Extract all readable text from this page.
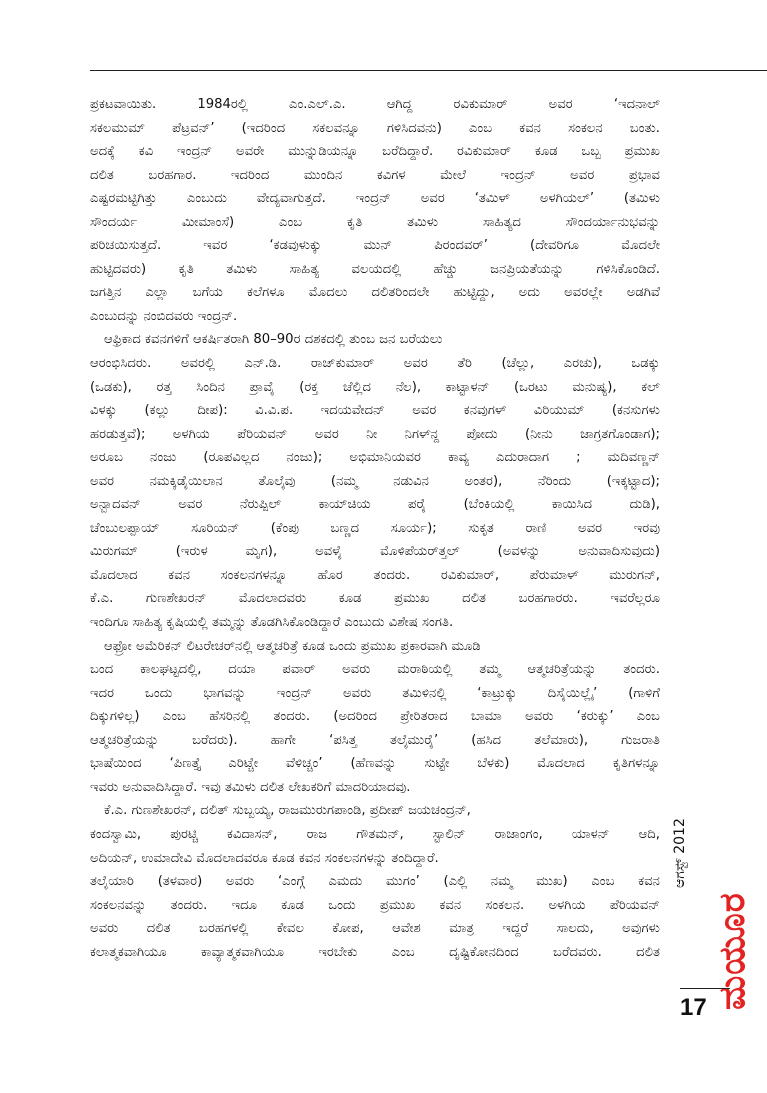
ಪ್ರಕಟವಾಯಿತು. 1984ರಲ್ಲಿ ಎಂ.ಎಲ್.ಎ. ಆಗಿದ್ದ ರವಿಕುಮಾರ್ ಅವರ ‘ಇದನಾಲ್
ಸಕಲಮುಮ್ ಪೆಟ್ರವನ್’ (ಇದರಿಂದ ಸಕಲವನ್ನೂ ಗಳಿಸಿದವನು) ಎಂಬ ಕವನ ಸಂಕಲನ ಬಂತು.
ಅದಕ್ಕೆ ಕವಿ ಇಂದ್ರನ್ ಅವರೇ ಮುನ್ನುಡಿಯನ್ನೂ ಬರೆದಿದ್ದಾರೆ. ರವಿಕುಮಾರ್ ಕೂಡ ಒಬ್ಬ ಪ್ರಮುಖ
ದಲಿತ ಬರಹಗಾರ. ಇದರಿಂದ ಮುಂದಿನ ಕವಿಗಳ ಮೇಲೆ ಇಂದ್ರನ್ ಅವರ ಪ್ರಭಾವ
ಎಷ್ಟರಮಟ್ಟಿಗಿತ್ತು ಎಂಬುದು ವೇದ್ಯವಾಗುತ್ತದೆ. ಇಂದ್ರನ್ ಅವರ ‘ತಮಿಳ್ ಅಳಗಿಯಲ್’ (ತಮಿಳು
ಸೌಂದರ್ಯ ಮೀಮಾಂಸೆ) ಎಂಬ ಕೃತಿ ತಮಿಳು ಸಾಹಿತ್ಯದ ಸೌಂದರ್ಯಾನುಭವನ್ನು
ಪರಿಚಯಿಸುತ್ತದೆ. ಇವರ ‘ಕಡವುಳುಕ್ಕು ಮುನ್ ಪಿರಂದವರ್’ (ದೇವರಿಗೂ ಮೊದಲೇ
ಹುಟ್ಟಿದವರು) ಕೃತಿ ತಮಿಳು ಸಾಹಿತ್ಯ ವಲಯದಲ್ಲಿ ಹೆಚ್ಚು ಜನಪ್ರಿಯತೆಯನ್ನು ಗಳಿಸಿಕೊಂಡಿದೆ.
ಜಗತ್ತಿನ ಎಲ್ಲಾ ಬಗೆಯ ಕಲೆಗಳೂ ಮೊದಲು ದಲಿತರಿಂದಲೇ ಹುಟ್ಟಿದ್ದು, ಅದು ಅವರಲ್ಲೇ ಅಡಗಿವೆ
ಎಂಬುದನ್ನು ನಂಬಿದವರು ಇಂದ್ರನ್.
ಆಫ್ರಿಕಾದ ಕವನಗಳಿಗೆ ಆಕರ್ಷಿತರಾಗಿ 80–90ರ ದಶಕದಲ್ಲಿ ತುಂಬ ಜನ ಬರೆಯಲು
ಆರಂಭಿಸಿದರು. ಅವರಲ್ಲಿ ಎನ್.ಡಿ. ರಾಜ್‌ಕುಮಾರ್ ಅವರ ತೆರಿ (ಚೆಲ್ಲು, ಎರಚು), ಒಡಕ್ಕು
(ಒಡಕು), ರತ್ತ ಸಿಂದಿನ ಪ್ರಾವೈ (ರಕ್ತ ಚೆಲ್ಲಿದ ನೆಲ), ಕಾಟ್ಟಾಳನ್ (ಒರಟು ಮನುಷ್ಯ), ಕಲ್
ವಿಳಕ್ಕು (ಕಲ್ಲು ದೀಪ): ವಿ.ವಿ.ಪ. ಇದಯವೇದನ್ ಅವರ ಕನವುಗಳ್ ವಿರಿಯುಮ್ (ಕನಸುಗಳು
ಹರಡುತ್ತವೆ); ಅಳಗಿಯ ಪೆರಿಯವನ್ ಅವರ ನೀ ನಿಗಳ್‌ನ್ದ ಪೋದು (ನೀನು ಜಾಗ್ರತಗೊಂಡಾಗ);
ಅರೂಬ ನಂಜು (ರೂಪವಿಲ್ಲದ ನಂಜು); ಅಭಿಮಾನಿಯವರ ಕಾವ್ಯ ಎದುರಾದಾಗ ; ಮದಿವಣ್ಣನ್
ಅವರ ನಮಕ್ಕಿಡೈಯಿಲಾನ ತೊಲೈವು (ನಮ್ಮ ನಡುವಿನ ಅಂತರ), ನೆರಿಂದು (ಇಕ್ಕಟ್ಟಾದ);
ಅನ್ಬಾದವನ್ ಅವರ ನೆರುಪ್ಪಿಲ್ ಕಾಯ್‌ಚಿಯ ಪರೈ (ಬೆಂಕಿಯಲ್ಲಿ ಕಾಯಿಸಿದ ದುಡಿ),
ಚೆಂಬುಲಪ್ಪಾಯ್ ಸೂರಿಯನ್ (ಕೆಂಪು ಬಣ್ಣದ ಸೂರ್ಯ); ಸುಕೃತ ರಾಣಿ ಅವರ ಇರವು
ಮಿರುಗಮ್ (ಇರುಳ ಮೃಗ), ಅವಳೈ ಮೊಳಿಪೆಯರ್‌ತ್ತಲ್ (ಅವಳನ್ನು ಅನುವಾದಿಸುವುದು)
ಮೊದಲಾದ ಕವನ ಸಂಕಲನಗಳನ್ನೂ ಹೊರ ತಂದರು. ರವಿಕುಮಾರ್, ಪೆರುಮಾಳ್ ಮುರುಗನ್,
ಕೆ.ಎ. ಗುಣಶೇಖರನ್ ಮೊದಲಾದವರು ಕೂಡ ಪ್ರಮುಖ ದಲಿತ ಬರಹಗಾರರು. ಇವರೆಲ್ಲರೂ
ಇಂದಿಗೂ ಸಾಹಿತ್ಯ ಕೃಷಿಯಲ್ಲಿ ತಮ್ಮನ್ನು ತೊಡಗಿಸಿಕೊಂಡಿದ್ದಾರೆ ಎಂಬುದು ವಿಶೇಷ ಸಂಗತಿ.
ಆಫ್ರೋ ಅಮೆರಿಕನ್ ಲಿಟರೇಚರ್‌ನಲ್ಲಿ ಆತ್ಮಚರಿತ್ರೆ ಕೂಡ ಒಂದು ಪ್ರಮುಖ ಪ್ರಕಾರವಾಗಿ ಮೂಡಿ
ಬಂದ ಕಾಲಘಟ್ಟದಲ್ಲಿ, ದಯಾ ಪವಾರ್ ಅವರು ಮರಾಠಿಯಲ್ಲಿ ತಮ್ಮ ಆತ್ಮಚರಿತ್ರೆಯನ್ನು ತಂದರು.
ಇದರ ಒಂದು ಭಾಗವನ್ನು ಇಂದ್ರನ್ ಅವರು ತಮಿಳಿನಲ್ಲಿ ‘ಕಾಟ್ರುಕ್ಕು ದಿಸೈಯಿಲ್ಲೈ’ (ಗಾಳಿಗೆ
ದಿಕ್ಕುಗಳಿಲ್ಲ) ಎಂಬ ಹೆಸರಿನಲ್ಲಿ ತಂದರು. (ಅದರಿಂದ ಪ್ರೇರಿತರಾದ ಬಾಮಾ ಅವರು ‘ಕರುಕ್ಕು’ ಎಂಬ
ಆತ್ಮಚರಿತ್ರೆಯನ್ನು ಬರೆದರು). ಹಾಗೇ ‘ಪಸಿತ್ತ ತಲೈಮುರೈ’ (ಹಸಿದ ತಲೆಮಾರು), ಗುಜರಾತಿ
ಭಾಷೆಯಿಂದ ‘ಪಿಣತ್ತೈ ಎರಿಟ್ಚೇ ವೆಳಿಚ್ಚಂ’ (ಹೆಣವನ್ನು ಸುಟ್ಟೇ ಬೆಳಕು) ಮೊದಲಾದ ಕೃತಿಗಳನ್ನೂ
ಇವರು ಅನುವಾದಿಸಿದ್ದಾರೆ. ಇವು ತಮಿಳು ದಲಿತ ಲೇಖಕರಿಗೆ ಮಾದರಿಯಾದವು.
ಕೆ.ಎ. ಗುಣಶೇಖರನ್, ದಲಿತ್ ಸುಬ್ಬಯ್ಯ, ರಾಜಮುರುಗಪಾಂಡಿ, ಪ್ರದೀಪ್ ಜಯಚಂದ್ರನ್,
ಕಂದಸ್ವಾಮಿ, ಪುರಟ್ಚಿ ಕವಿದಾಸನ್, ರಾಜ ಗೌತಮನ್, ಸ್ಟಾಲಿನ್ ರಾಜಾಂಗಂ, ಯಾಳನ್ ಆದಿ,
ಅದಿಯನ್, ಉಮಾದೇವಿ ಮೊದಲಾದವರೂ ಕೂಡ ಕವನ ಸಂಕಲನಗಳನ್ನು ತಂದಿದ್ದಾರೆ.
ತಲೈಯಾರಿ (ತಳವಾರ) ಅವರು ‘ಎಂಗ್ಗೆ ಎಮದು ಮುಗಂ’ (ಎಲ್ಲಿ ನಮ್ಮ ಮುಖ) ಎಂಬ ಕವನ
ಸಂಕಲನವನ್ನು ತಂದರು. ಇದೂ ಕೂಡ ಒಂದು ಪ್ರಮುಖ ಕವನ ಸಂಕಲನ. ಅಳಗಿಯ ಪೆರಿಯವನ್
ಅವರು ದಲಿತ ಬರಹಗಳಲ್ಲಿ ಕೇವಲ ಕೋಪ, ಆವೇಶ ಮಾತ್ರ ಇದ್ದರೆ ಸಾಲದು, ಅವುಗಳು
ಕಲಾತ್ಮಕವಾಗಿಯೂ ಕಾವ್ಯಾತ್ಮಕವಾಗಿಯೂ ಇರಬೇಕು ಎಂಬ ದೃಷ್ಟಿಕೋನದಿಂದ ಬರೆದವರು. ದಲಿತ
ಆಗಸ್ಟ್ 2012
ಮಯೂರ
17
